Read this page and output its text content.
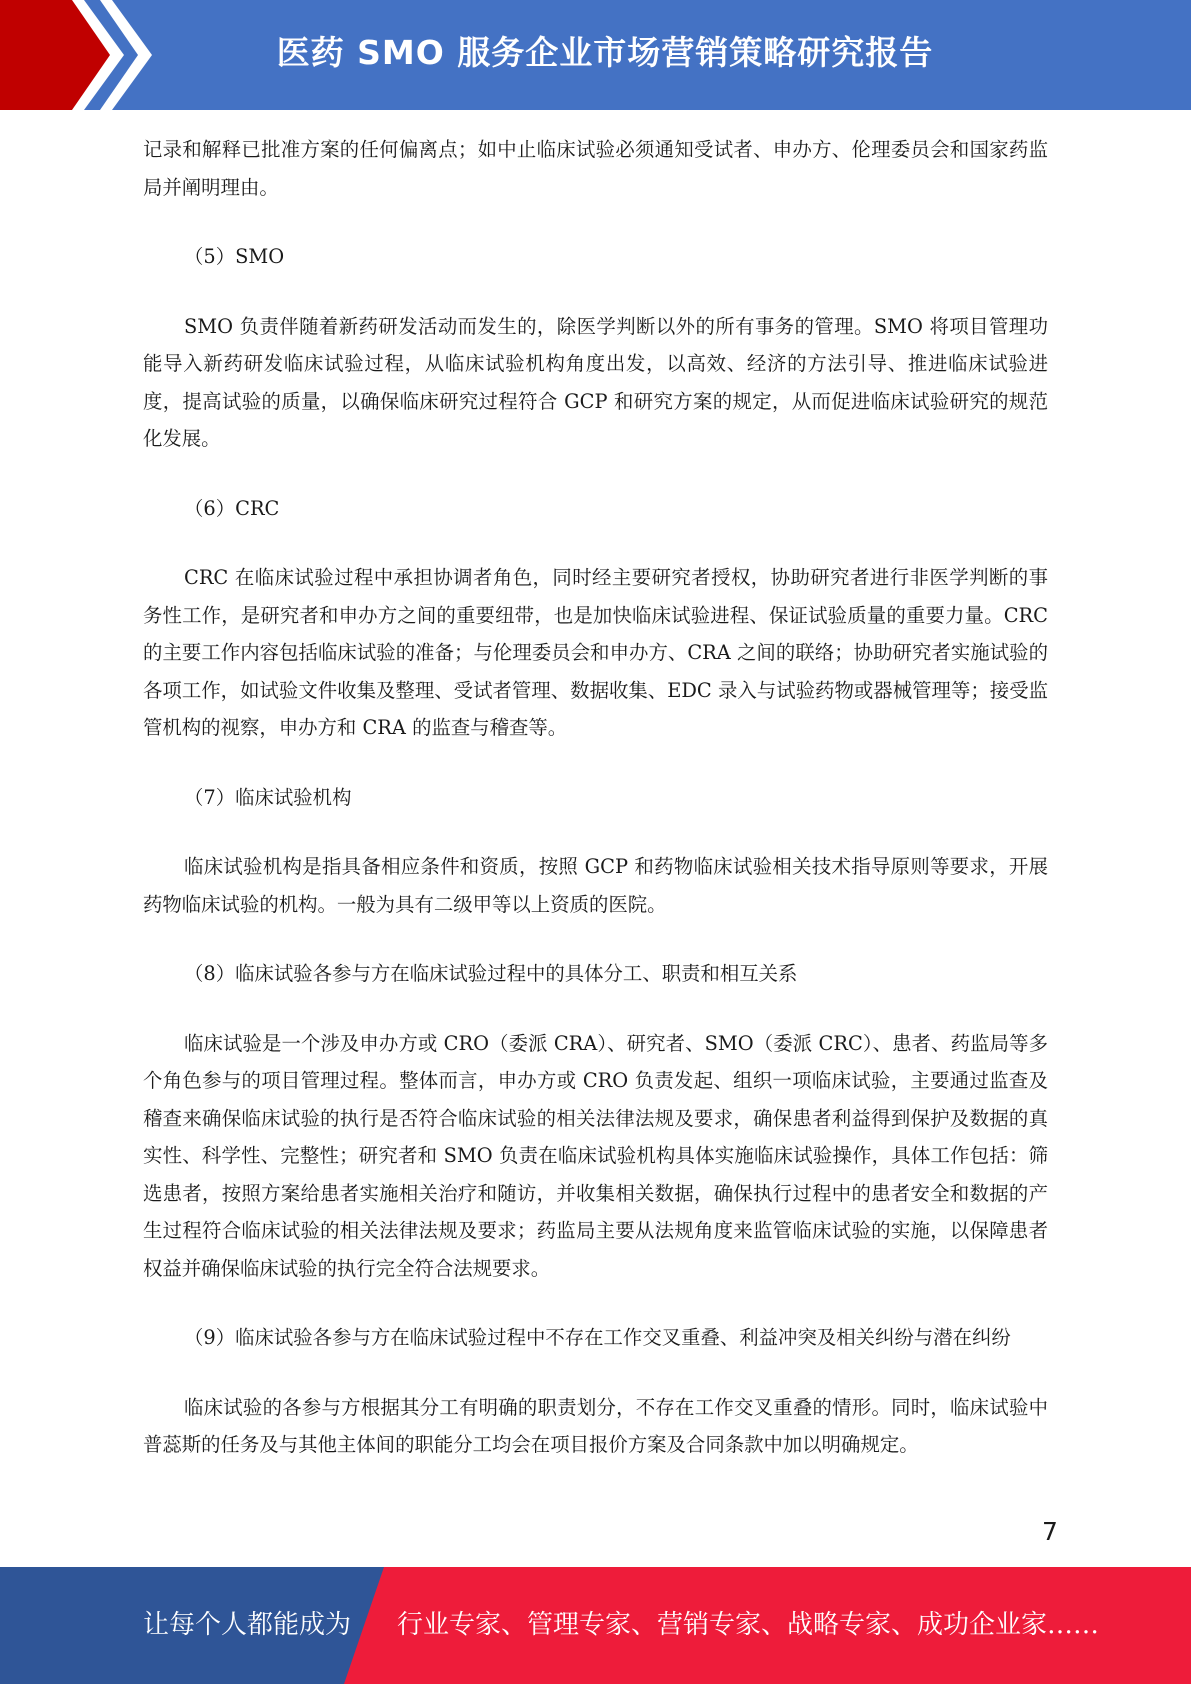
医药 SMO 服务企业市场营销策略研究报告

记录和解释已批准方案的任何偏离点；如中止临床试验必须通知受试者、申办方、伦理委员会和国家药监局并阐明理由。

（5）SMO

SMO 负责伴随着新药研发活动而发生的，除医学判断以外的所有事务的管理。SMO 将项目管理功能导入新药研发临床试验过程，从临床试验机构角度出发，以高效、经济的方法引导、推进临床试验进度，提高试验的质量，以确保临床研究过程符合 GCP 和研究方案的规定，从而促进临床试验研究的规范化发展。

（6）CRC

CRC 在临床试验过程中承担协调者角色，同时经主要研究者授权，协助研究者进行非医学判断的事务性工作，是研究者和申办方之间的重要纽带，也是加快临床试验进程、保证试验质量的重要力量。CRC 的主要工作内容包括临床试验的准备；与伦理委员会和申办方、CRA 之间的联络；协助研究者实施试验的各项工作，如试验文件收集及整理、受试者管理、数据收集、EDC 录入与试验药物或器械管理等；接受监管机构的视察，申办方和 CRA 的监查与稽查等。

（7）临床试验机构

临床试验机构是指具备相应条件和资质，按照 GCP 和药物临床试验相关技术指导原则等要求，开展药物临床试验的机构。一般为具有二级甲等以上资质的医院。

（8）临床试验各参与方在临床试验过程中的具体分工、职责和相互关系

临床试验是一个涉及申办方或 CRO（委派 CRA）、研究者、SMO（委派 CRC）、患者、药监局等多个角色参与的项目管理过程。整体而言，申办方或 CRO 负责发起、组织一项临床试验，主要通过监查及稽查来确保临床试验的执行是否符合临床试验的相关法律法规及要求，确保患者利益得到保护及数据的真实性、科学性、完整性；研究者和 SMO 负责在临床试验机构具体实施临床试验操作，具体工作包括：筛选患者，按照方案给患者实施相关治疗和随访，并收集相关数据，确保执行过程中的患者安全和数据的产生过程符合临床试验的相关法律法规及要求；药监局主要从法规角度来监管临床试验的实施，以保障患者权益并确保临床试验的执行完全符合法规要求。

（9）临床试验各参与方在临床试验过程中不存在工作交叉重叠、利益冲突及相关纠纷与潜在纠纷

临床试验的各参与方根据其分工有明确的职责划分，不存在工作交叉重叠的情形。同时，临床试验中普蕊斯的任务及与其他主体间的职能分工均会在项目报价方案及合同条款中加以明确规定。

7
让每个人都能成为 行业专家、管理专家、营销专家、战略专家、成功企业家……
